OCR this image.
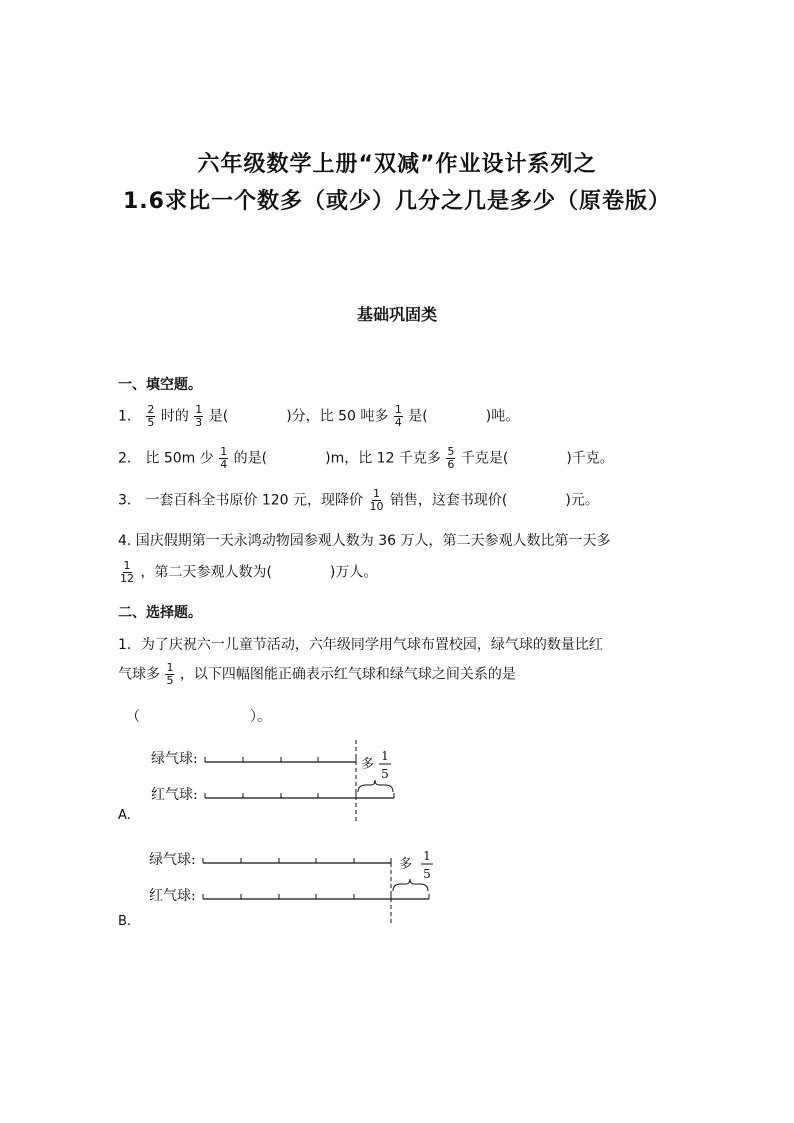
六年级数学上册“双减”作业设计系列之
1.6求比一个数多（或少）几分之几是多少（原卷版）
基础巩固类
一、填空题。
1． $\frac{2}{5}$ 时的 $\frac{1}{3}$ 是(	)分，比 50 吨多 $\frac{1}{4}$ 是(	)吨。
2． 比 50m 少 $\frac{1}{4}$ 的是(	)m，比 12 千克多 $\frac{5}{6}$ 千克是(	)千克。
3． 一套百科全书原价 120 元，现降价 $\frac{1}{10}$ 销售，这套书现价(	)元。
4. 国庆假期第一天永鸿动物园参观人数为 36 万人，第二天参观人数比第一天多
$\frac{1}{12}$ ，第二天参观人数为(	)万人。
二、选择题。
1．为了庆祝六一儿童节活动，六年级同学用气球布置校园，绿气球的数量比红
气球多 $\frac{1}{5}$ ，以下四幅图能正确表示红气球和绿气球之间关系的是
（	）。
绿气球:
红气球:
多
1
5
A.
绿气球:
红气球:
多
1
5
B.
